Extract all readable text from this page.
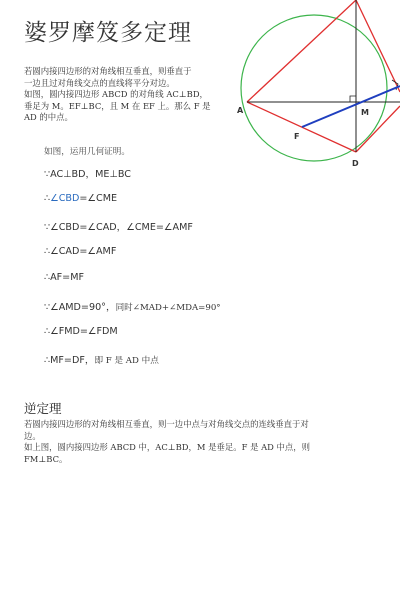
婆罗摩笈多定理

若圆内接四边形的对角线相互垂直，则垂直于

一边且过对角线交点的直线将平分对边。

如图，圆内接四边形 ABCD 的对角线 AC⊥BD，

垂足为 M。EF⊥BC，且 M 在 EF 上。那么 F 是

AD 的中点。

A	M
F
D
如图，运用几何证明。
∵AC⊥BD，ME⊥BC
∴∠CBD=∠CME
∵∠CBD=∠CAD，∠CME=∠AMF
∴∠CAD=∠AMF
∴AF=MF
∵∠AMD=90°，同时∠MAD+∠MDA=90°
∴∠FMD=∠FDM
∴MF=DF，即 F 是 AD 中点
逆定理

若圆内接四边形的对角线相互垂直，则一边中点与对角线交点的连线垂直于对

边。

如上图，圆内接四边形 ABCD 中，AC⊥BD，M 是垂足。F 是 AD 中点，则

FM⊥BC。
